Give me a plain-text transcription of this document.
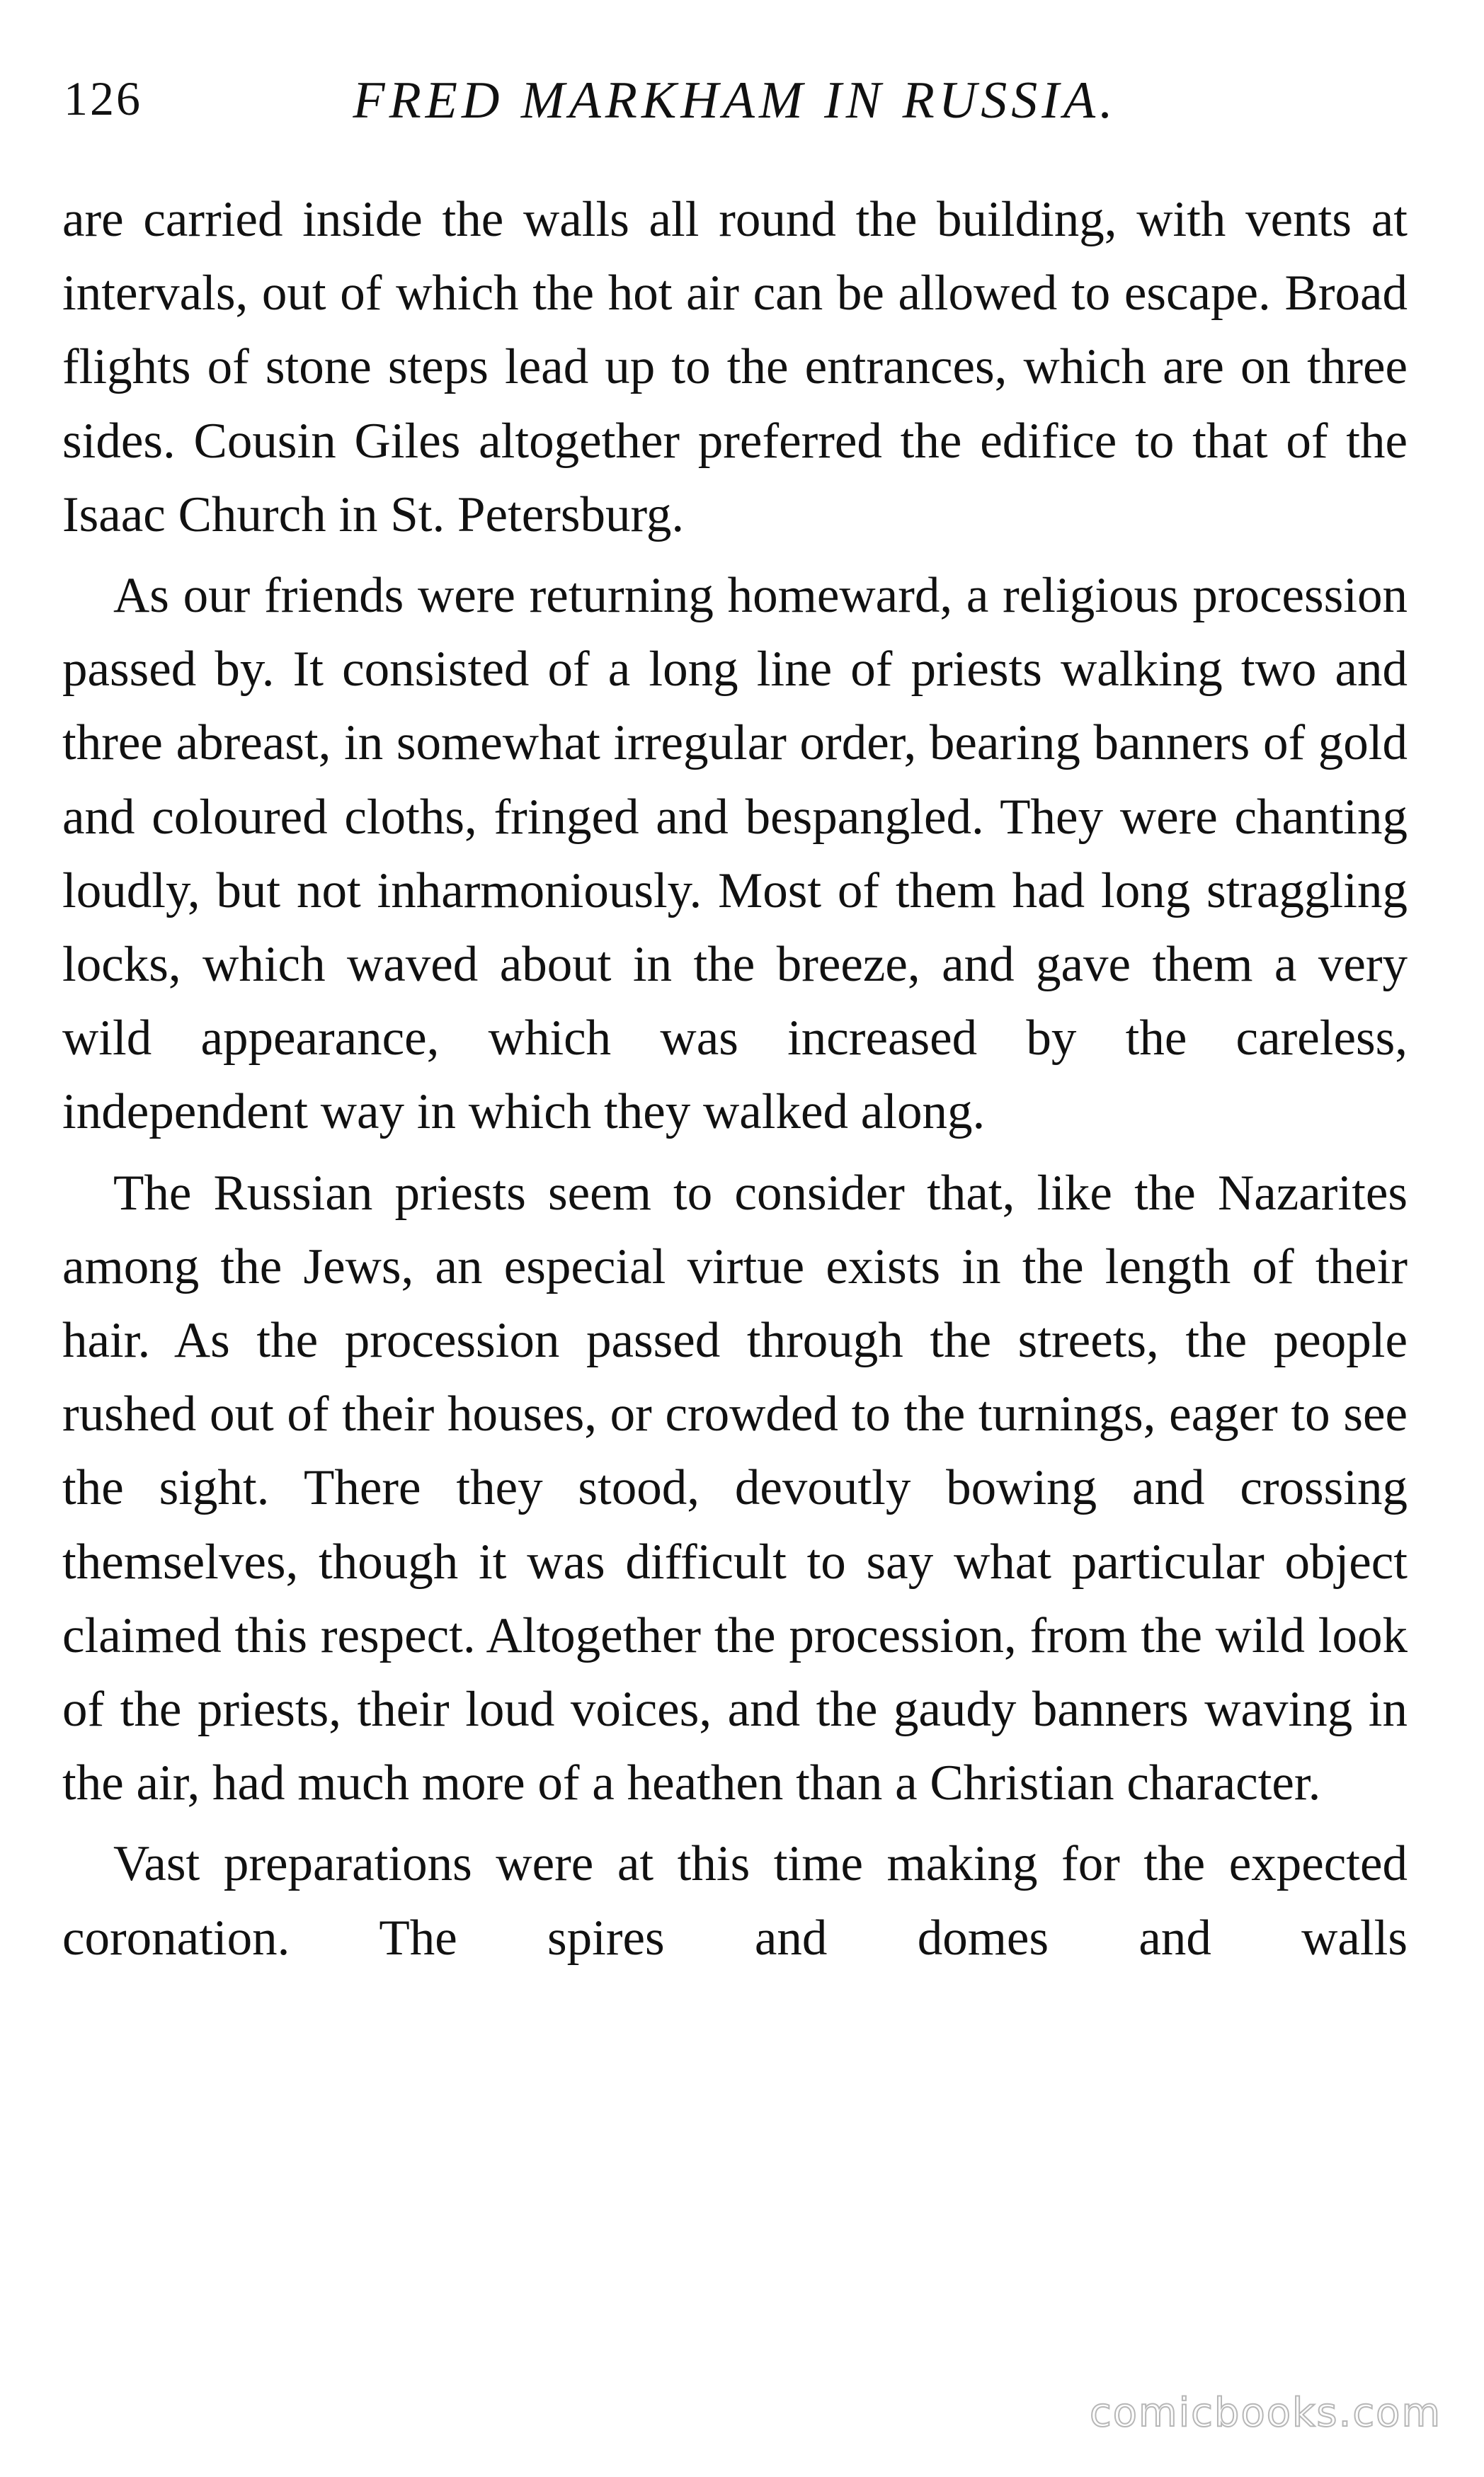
126	FRED MARKHAM IN RUSSIA.

are carried inside the walls all round the building, with vents at intervals, out of which the hot air can be allowed to escape. Broad flights of stone steps lead up to the entrances, which are on three sides. Cousin Giles altogether preferred the edifice to that of the Isaac Church in St. Petersburg.

As our friends were returning homeward, a religious procession passed by. It consisted of a long line of priests walking two and three abreast, in somewhat irregular order, bearing banners of gold and coloured cloths, fringed and bespangled. They were chanting loudly, but not inharmoniously. Most of them had long straggling locks, which waved about in the breeze, and gave them a very wild appearance, which was increased by the careless, independent way in which they walked along.

The Russian priests seem to consider that, like the Nazarites among the Jews, an especial virtue exists in the length of their hair. As the procession passed through the streets, the people rushed out of their houses, or crowded to the turnings, eager to see the sight. There they stood, devoutly bowing and crossing themselves, though it was difficult to say what particular object claimed this respect. Altogether the procession, from the wild look of the priests, their loud voices, and the gaudy banners waving in the air, had much more of a heathen than a Christian character.

Vast preparations were at this time making for the expected coronation. The spires and domes and walls

comicbooks.com
